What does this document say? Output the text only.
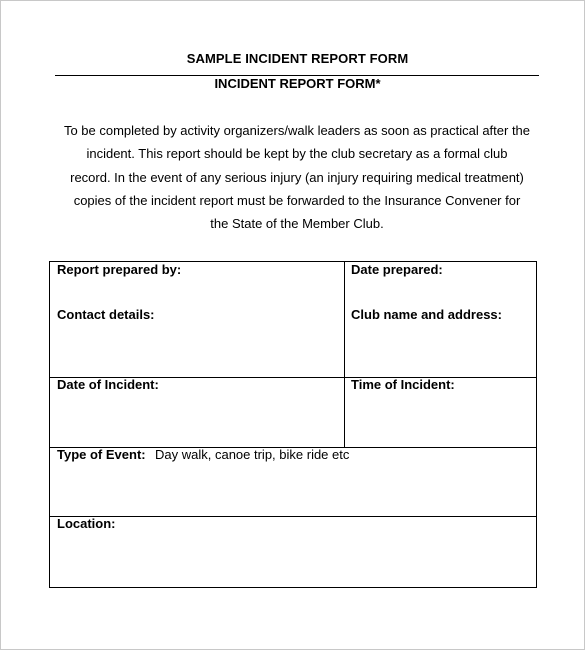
SAMPLE INCIDENT REPORT FORM
INCIDENT REPORT FORM*

To be completed by activity organizers/walk leaders as soon as practical after the
incident. This report should be kept by the club secretary as a formal club
record. In the event of any serious injury (an injury requiring medical treatment)
copies of the incident report must be forwarded to the Insurance Convener for
the State of the Member Club.

Report prepared by:	Date prepared:
Contact details:	Club name and address:
Date of Incident:	Time of Incident:
Type of Event: Day walk, canoe trip, bike ride etc
Location:
